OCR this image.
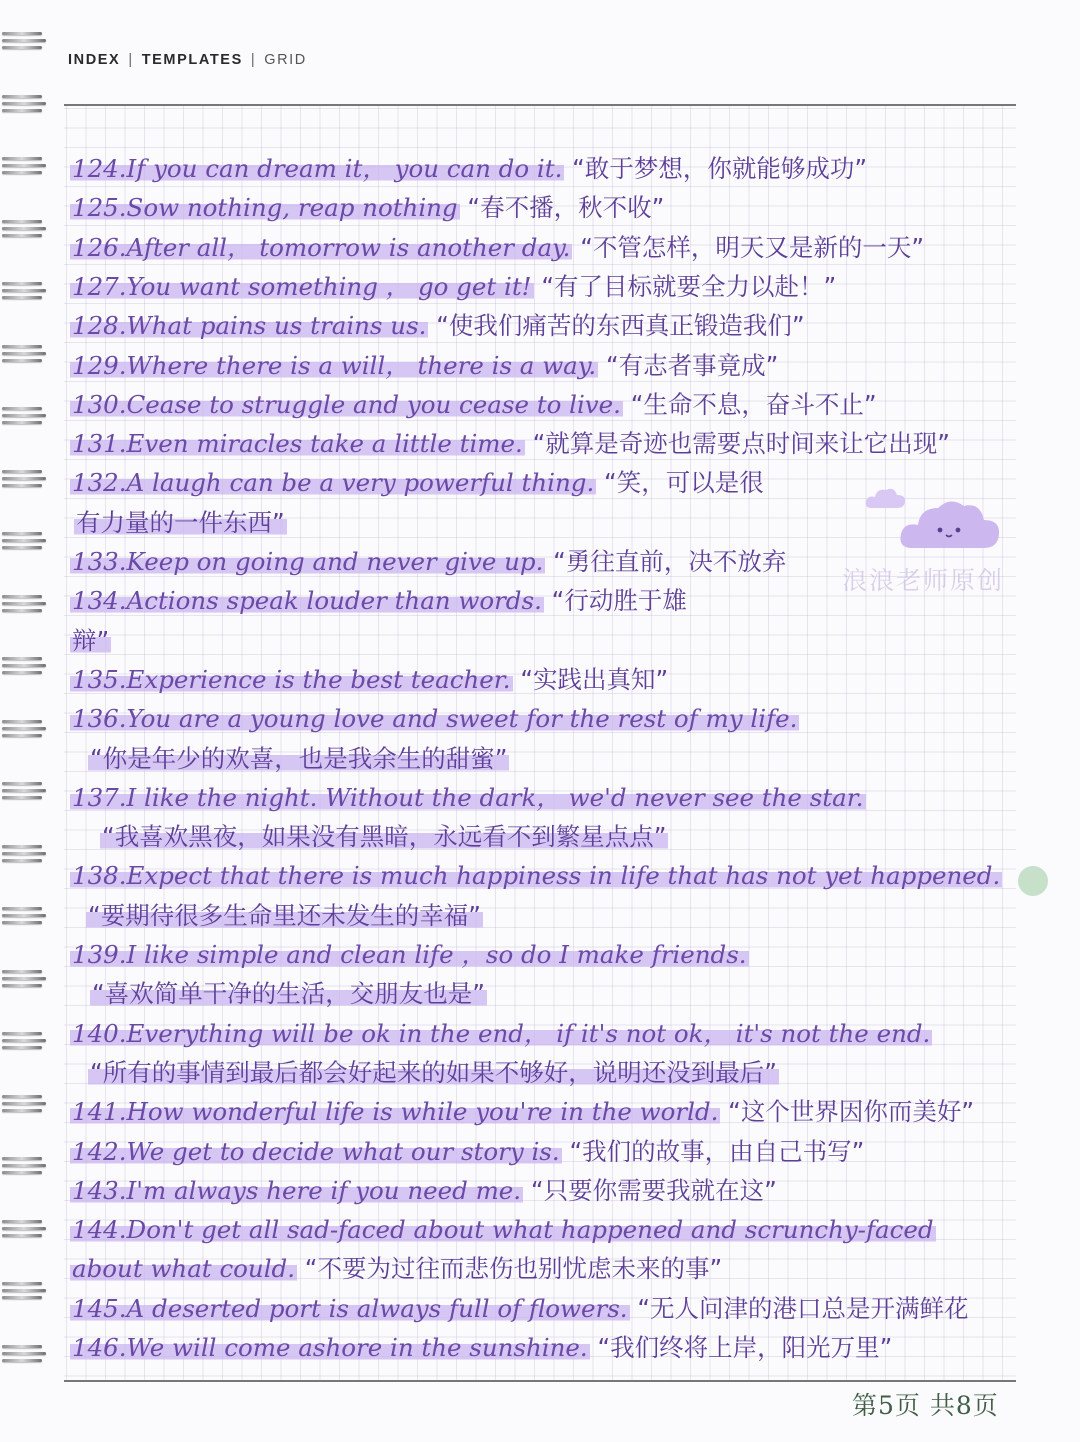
INDEX | TEMPLATES | GRID
124.If you can dream it， you can do it. “敢于梦想，你就能够成功”
125.Sow nothing, reap nothing “春不播，秋不收”
126.After all， tomorrow is another day. “不管怎样，明天又是新的一天”
127.You want something ， go get it! “有了目标就要全力以赴！”
128.What pains us trains us. “使我们痛苦的东西真正锻造我们”
129.Where there is a will， there is a way. “有志者事竟成”
130.Cease to struggle and you cease to live. “生命不息，奋斗不止”
131.Even miracles take a little time. “就算是奇迹也需要点时间来让它出现”
132.A laugh can be a very powerful thing. “笑，可以是很
有力量的一件东西”
133.Keep on going and never give up. “勇往直前，决不放弃
134.Actions speak louder than words. “行动胜于雄
辩”
135.Experience is the best teacher. “实践出真知”
136.You are a young love and sweet for the rest of my life.
“你是年少的欢喜，也是我余生的甜蜜”
137.I like the night. Without the dark， we'd never see the star.
“我喜欢黑夜，如果没有黑暗，永远看不到繁星点点”
138.Expect that there is much happiness in life that has not yet happened.
“要期待很多生命里还未发生的幸福”
139.I like simple and clean life ，so do I make friends.
“喜欢简单干净的生活，交朋友也是”
140.Everything will be ok in the end， if it's not ok， it's not the end.
“所有的事情到最后都会好起来的如果不够好，说明还没到最后”
141.How wonderful life is while you're in the world. “这个世界因你而美好”
142.We get to decide what our story is. “我们的故事，由自己书写”
143.I'm always here if you need me. “只要你需要我就在这”
144.Don't get all sad-faced about what happened and scrunchy-faced
about what could. “不要为过往而悲伤也别忧虑未来的事”
145.A deserted port is always full of flowers. “无人问津的港口总是开满鲜花
146.We will come ashore in the sunshine. “我们终将上岸，阳光万里”
浪浪老师原创
第5页 共8页
